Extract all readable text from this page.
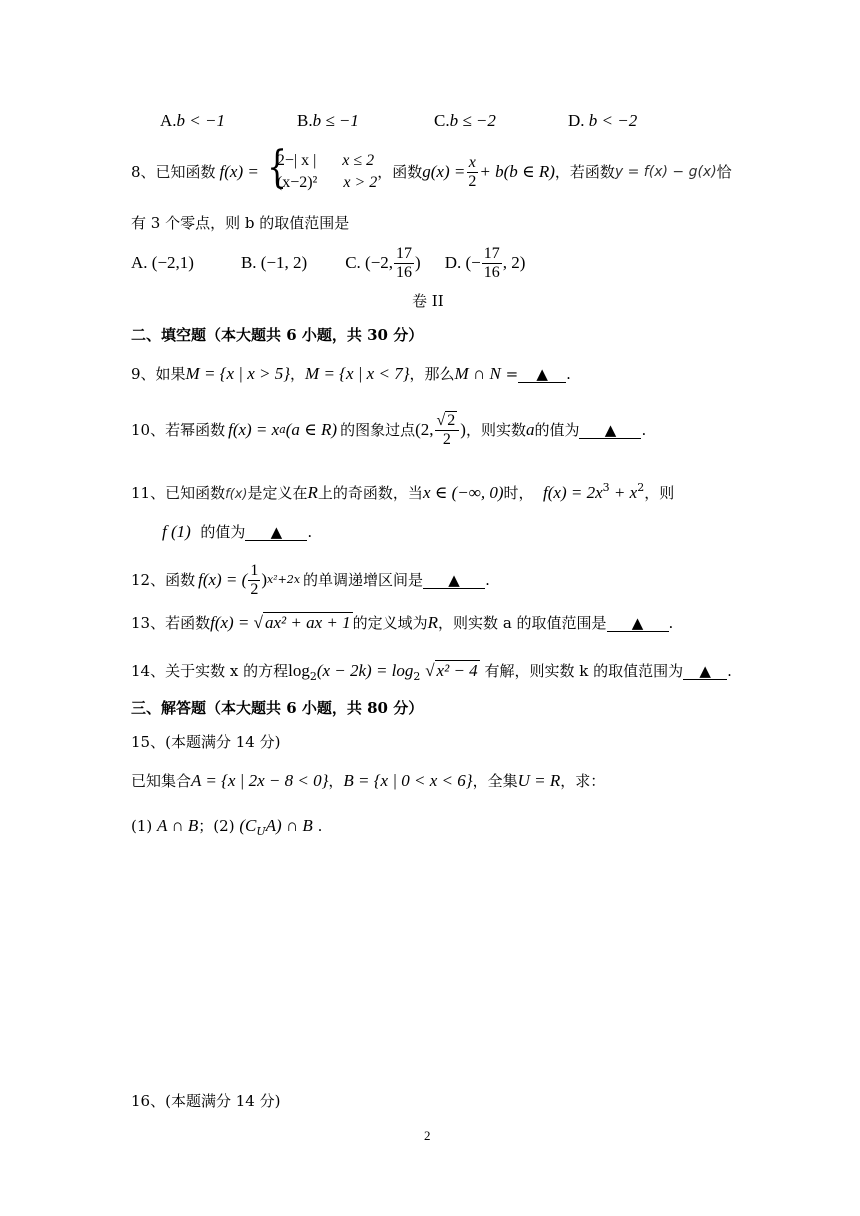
A.b < −1	B.b ≤ −1	C.b ≤ −2	D. b < −2
8、已知函数 f(x) = {
2−| x | x ≤ 2
(x−2)² x > 2
，函数 $g(x) = \frac{x}{2} + b(b$ ∈ R) ，若函数 y = f(x) − g(x) 恰
有 3 个零点，则 b 的取值范围是
A. (−2,1)	B. (−1, 2) C. (−2, $\frac{17}{16}$ ) D. (− $\frac{17}{16}$ , 2)
卷 II
二、填空题（本大题共 6 小题，共 30 分）
9、如果M = {x | x > 5}，M = {x | x < 7}，那么M ∩ N = ▲ .
10、若幂函数 f(x) = x a (a ∈ R) 的图象过点 (2, $\frac{√ 2}{2}$ ) ，则实数 a 的值为	▲	.
11、已知函数f(x)是定义在R上的奇函数，当x ∈ (−∞, 0)时， $f(x) = 2x^3 + x^2$，则
f (1) 的值为 ▲ .
12、函数 f(x) = ( $\frac{1}{2}$ ) x²+2x 的单调递增区间是	▲	.
13、若函数f(x) = √ ax² + ax + 1 的定义域为R，则实数 a 的取值范围是 ▲ .
14、关于实数 x 的方程$\log_2(x - 2k) = \log_2$ √ x² − 4 有解，则实数 k 的取值范围为 ▲ .
三、解答题（本大题共 6 小题，共 80 分）
15、(本题满分 14 分)
已知集合A = {x | 2x − 8 < 0}，B = {x | 0 < x < 6}，全集U = R，求：
(1) A ∩ B；(2) $(C_UA)$ ∩ B .
16、(本题满分 14 分)
2
